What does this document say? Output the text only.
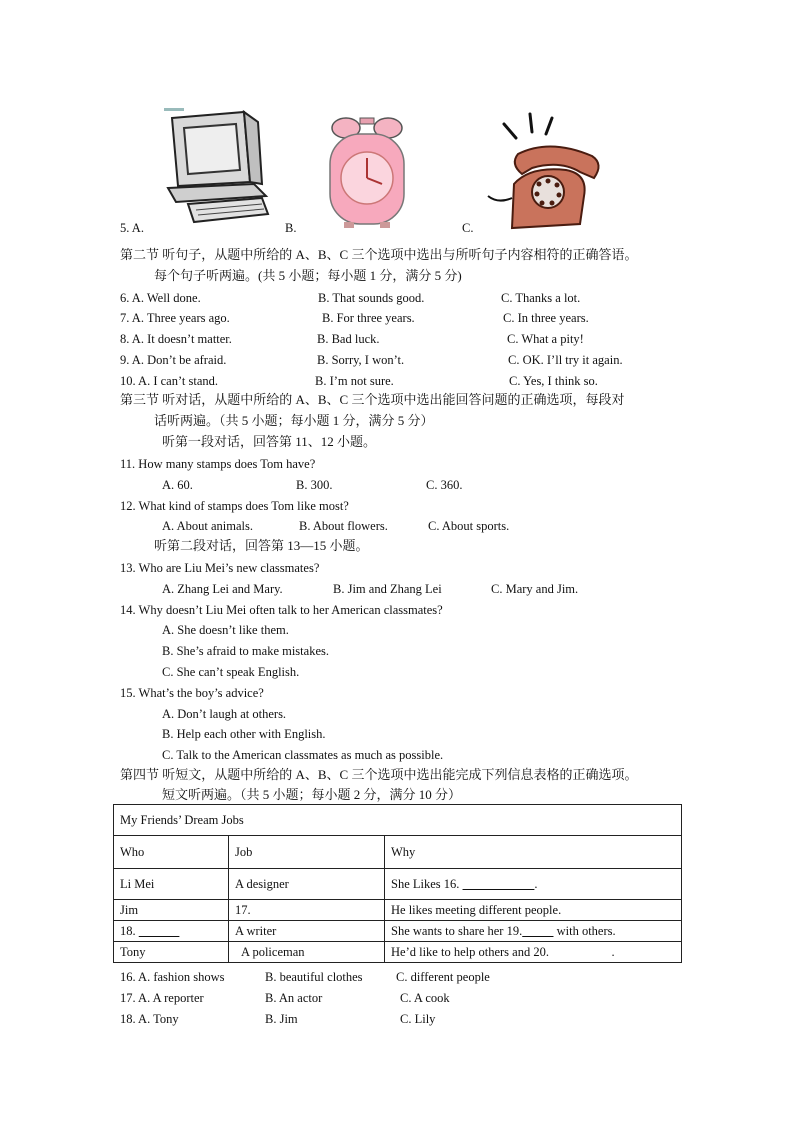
5. A.	B.	C.
第二节 听句子，从题中所给的 A、B、C 三个选项中选出与所听句子内容相符的正确答语。
每个句子听两遍。(共 5 小题；每小题 1 分，满分 5 分)
6. A. Well done.	B. That sounds good.	C. Thanks a lot.
7. A. Three years ago.	B. For three years.	C. In three years.
8. A. It doesn’t matter.	B. Bad luck.	C. What a pity!
9. A. Don’t be afraid.	B. Sorry, I won’t.	C. OK. I’ll try it again.
10. A. I can’t stand.	B. I’m not sure.	C. Yes, I think so.
第三节 听对话，从题中所给的 A、B、C 三个选项中选出能回答问题的正确选项，每段对
话听两遍。（共 5 小题；每小题 1 分，满分 5 分）
听第一段对话，回答第 11、12 小题。
11. How many stamps does Tom have?
A. 60.	B. 300.	C. 360.
12. What kind of stamps does Tom like most?
A. About animals.	B. About flowers.	C. About sports.
听第二段对话，回答第 13—15 小题。
13. Who are Liu Mei’s new classmates?
A. Zhang Lei and Mary.	B. Jim and Zhang Lei	C. Mary and Jim.
14. Why doesn’t Liu Mei often talk to her American classmates?
A. She doesn’t like them.
B. She’s afraid to make mistakes.
C. She can’t speak English.
15. What’s the boy’s advice?
A. Don’t laugh at others.
B. Help each other with English.
C. Talk to the American classmates as much as possible.
第四节 听短文，从题中所给的 A、B、C 三个选项中选出能完成下列信息表格的正确选项。
短文听两遍。（共 5 小题；每小题 2 分，满分 10 分）
My Friends’ Dream Jobs		
Who	Job	Why
Li Mei	A designer	She Likes 16. .
Jim	17.	He likes meeting different people.
18.	A writer	She wants to share her 19. with others.
Tony	A policeman	He’d like to help others and 20. .
16. A. fashion shows	B. beautiful clothes	C. different people
17. A. A reporter	B. An actor	C. A cook
18. A. Tony	B. Jim	C. Lily
